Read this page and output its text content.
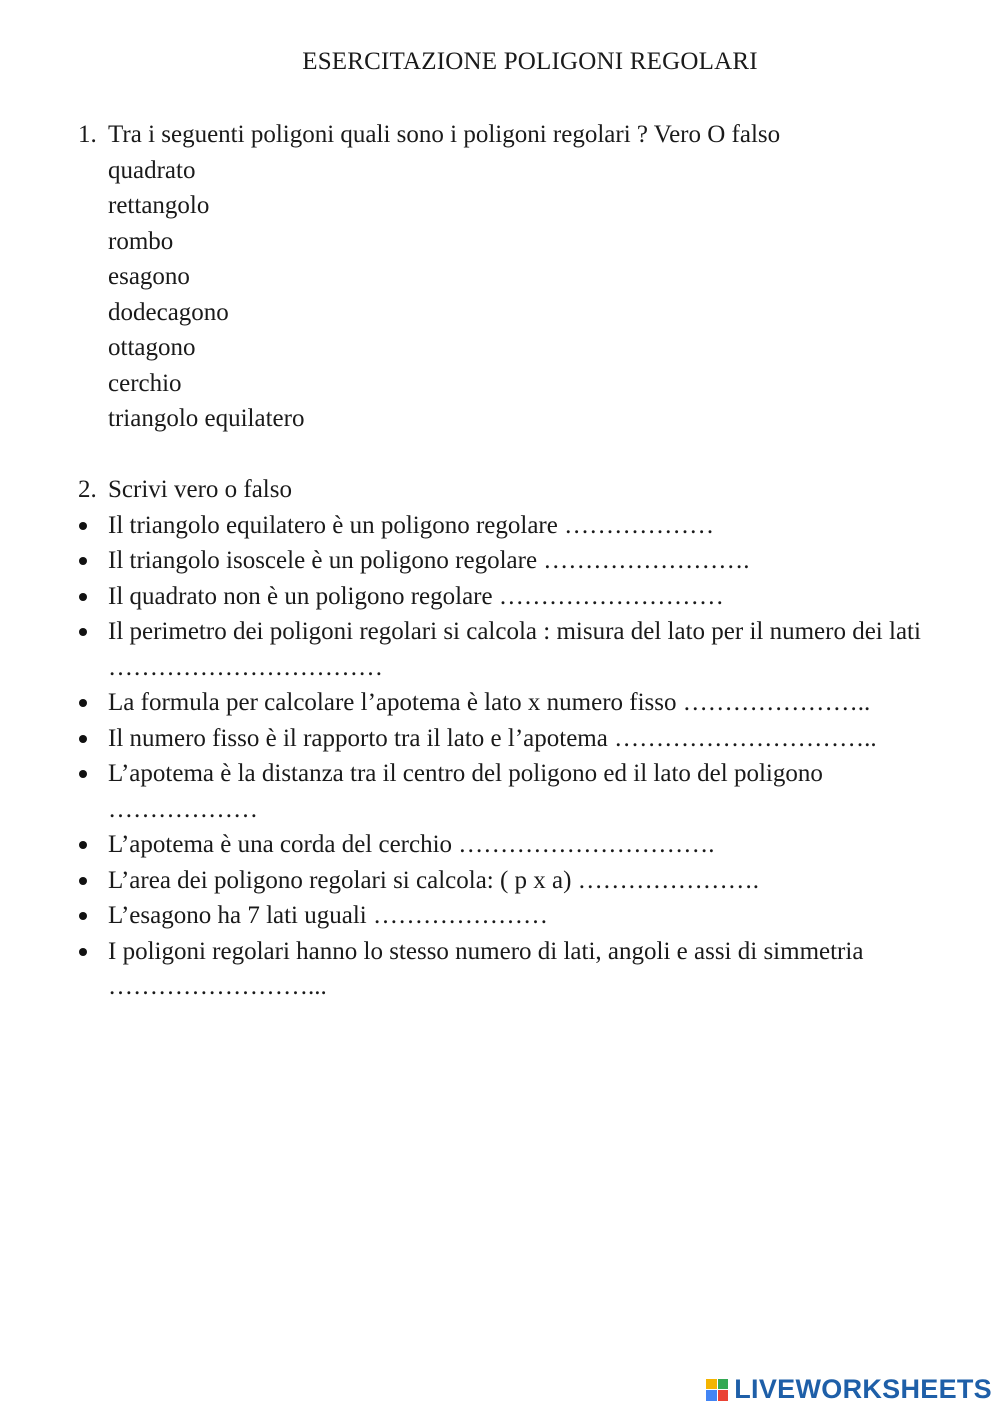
ESERCITAZIONE POLIGONI REGOLARI
1. Tra i seguenti poligoni quali sono i poligoni regolari ? Vero O falso
quadrato
rettangolo
rombo
esagono
dodecagono
ottagono
cerchio
triangolo equilatero
2. Scrivi vero o falso
Il triangolo equilatero è un poligono regolare ………………
Il triangolo isoscele è un poligono regolare …………………….
Il quadrato non è un poligono regolare ………………………
Il perimetro dei poligoni regolari si calcola : misura del lato per il numero dei lati ……………………………
La formula per calcolare l’apotema è lato x numero fisso …………………..
Il numero fisso è il rapporto tra il lato e l’apotema …………………………..
L’apotema è la distanza tra il centro del poligono ed il lato del poligono ………………
L’apotema è una corda del cerchio ………………………….
L’area dei poligono regolari si calcola: ( p x a) ………………….
L’esagono ha 7 lati uguali …………………
I poligoni regolari hanno lo stesso numero di lati, angoli e assi di simmetria ……………………...
LIVEWORKSHEETS
